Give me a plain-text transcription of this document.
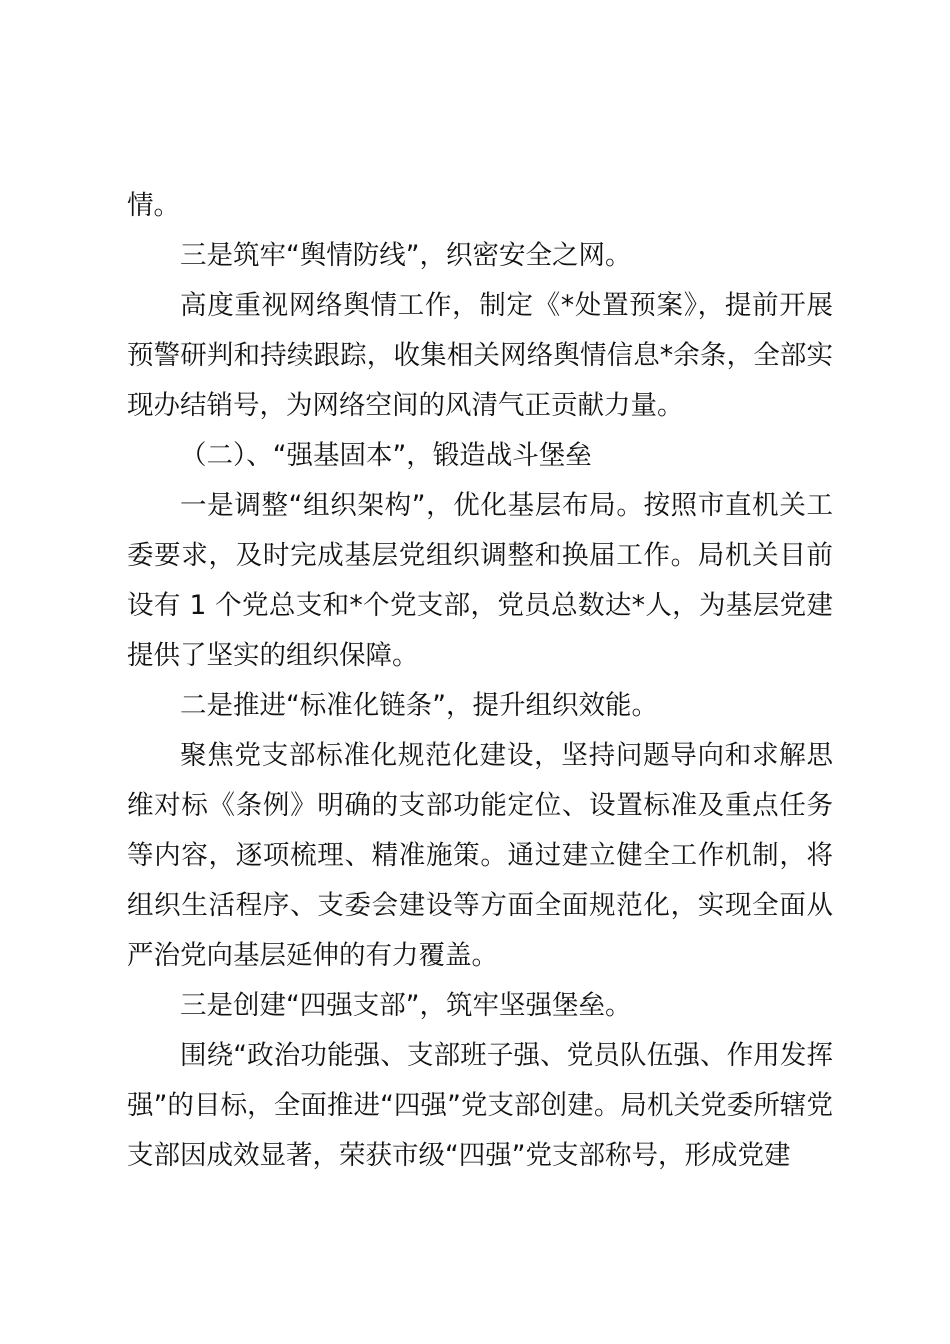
情。

三是筑牢“舆情防线”，织密安全之网。

高度重视网络舆情工作，制定《*处置预案》，提前开展预警研判和持续跟踪，收集相关网络舆情信息*余条，全部实现办结销号，为网络空间的风清气正贡献力量。

（二）、“强基固本”，锻造战斗堡垒

一是调整“组织架构”，优化基层布局。按照市直机关工委要求，及时完成基层党组织调整和换届工作。局机关目前设有 1 个党总支和*个党支部，党员总数达*人，为基层党建提供了坚实的组织保障。

二是推进“标准化链条”，提升组织效能。

聚焦党支部标准化规范化建设，坚持问题导向和求解思维对标《条例》明确的支部功能定位、设置标准及重点任务等内容，逐项梳理、精准施策。通过建立健全工作机制，将组织生活程序、支委会建设等方面全面规范化，实现全面从严治党向基层延伸的有力覆盖。

三是创建“四强支部”，筑牢坚强堡垒。

围绕“政治功能强、支部班子强、党员队伍强、作用发挥强”的目标，全面推进“四强”党支部创建。局机关党委所辖党支部因成效显著，荣获市级“四强”党支部称号，形成党建
